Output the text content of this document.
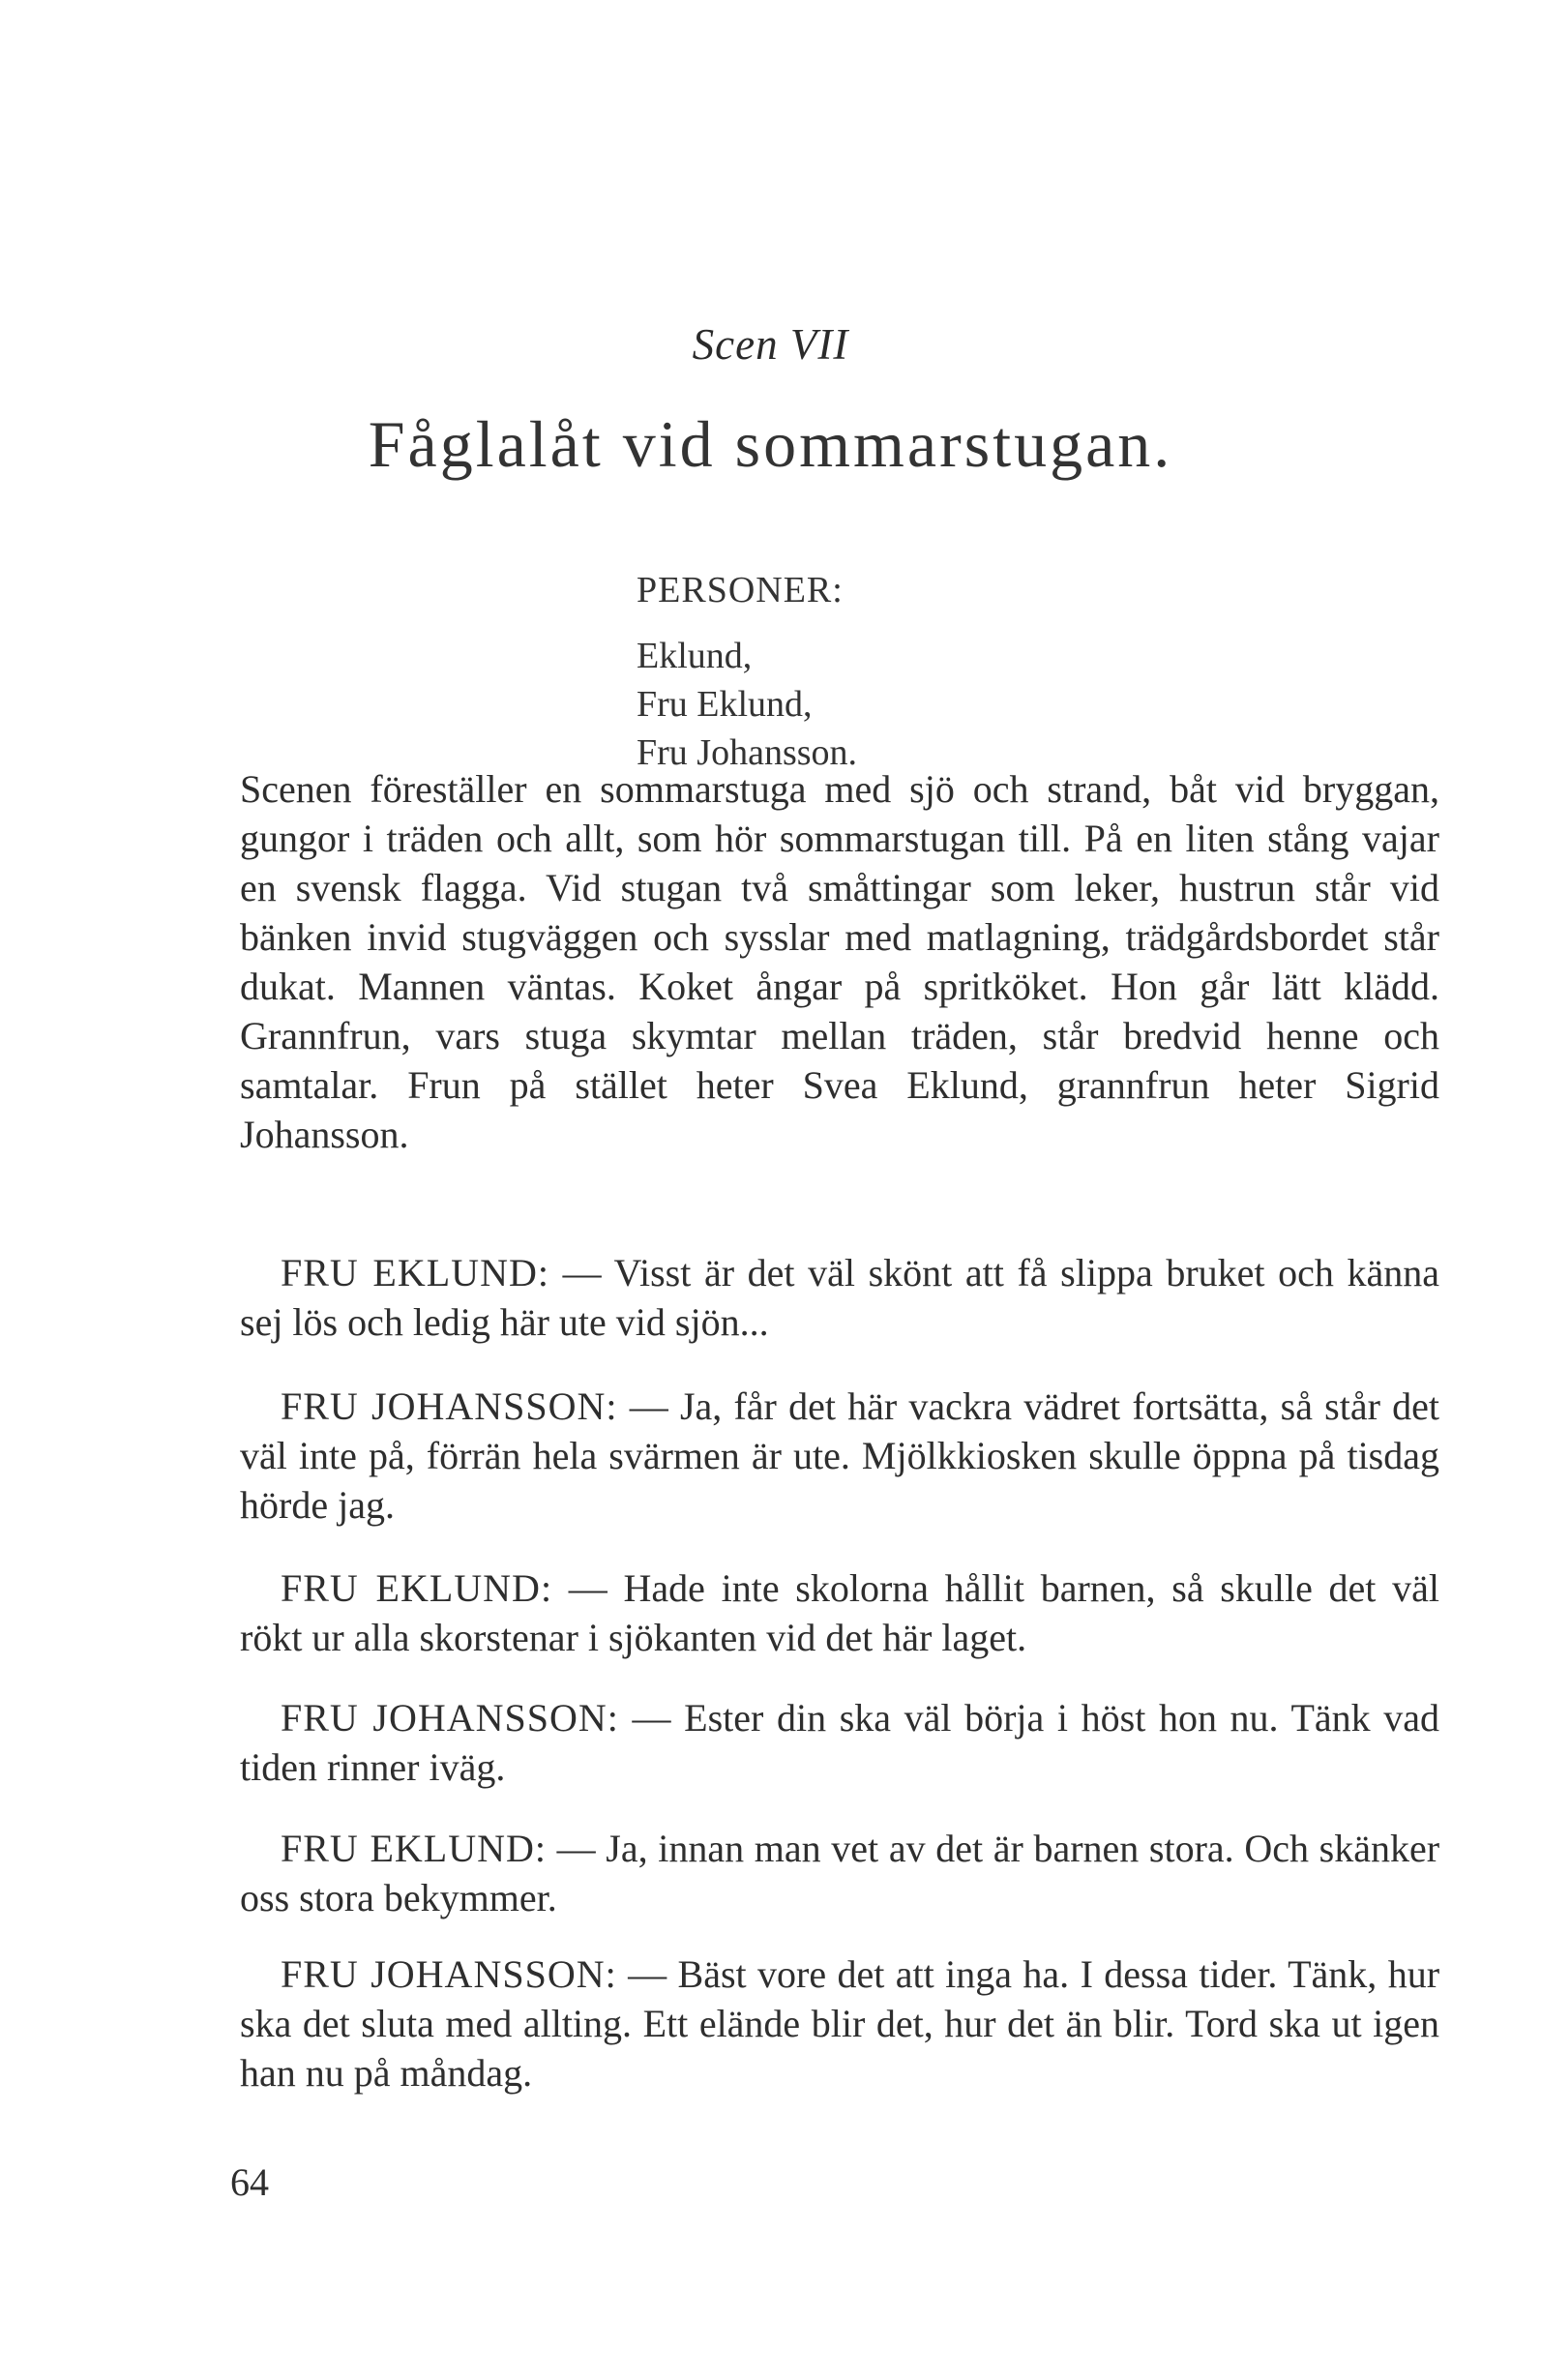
Scen VII
Fåglalåt vid sommarstugan.
PERSONER:
Eklund,
Fru Eklund,
Fru Johansson.
Scenen föreställer en sommarstuga med sjö och strand, båt vid bryggan, gungor i träden och allt, som hör sommarstugan till. På en liten stång vajar en svensk flagga. Vid stugan två småttingar som leker, hustrun står vid bänken invid stugväggen och sysslar med matlagning, trädgårdsbordet står dukat. Mannen väntas. Koket ångar på spritköket. Hon går lätt klädd. Grannfrun, vars stuga skymtar mellan träden, står bredvid henne och samtalar. Frun på stället heter Svea Eklund, grannfrun heter Sigrid Johansson.
FRU EKLUND: — Visst är det väl skönt att få slippa bruket och känna sej lös och ledig här ute vid sjön...
FRU JOHANSSON: — Ja, får det här vackra vädret fortsätta, så står det väl inte på, förrän hela svärmen är ute. Mjölkkiosken skulle öppna på tisdag hörde jag.
FRU EKLUND: — Hade inte skolorna hållit barnen, så skulle det väl rökt ur alla skorstenar i sjökanten vid det här laget.
FRU JOHANSSON: — Ester din ska väl börja i höst hon nu. Tänk vad tiden rinner iväg.
FRU EKLUND: — Ja, innan man vet av det är barnen stora. Och skänker oss stora bekymmer.
FRU JOHANSSON: — Bäst vore det att inga ha. I dessa tider. Tänk, hur ska det sluta med allting. Ett elände blir det, hur det än blir. Tord ska ut igen han nu på måndag.
64
